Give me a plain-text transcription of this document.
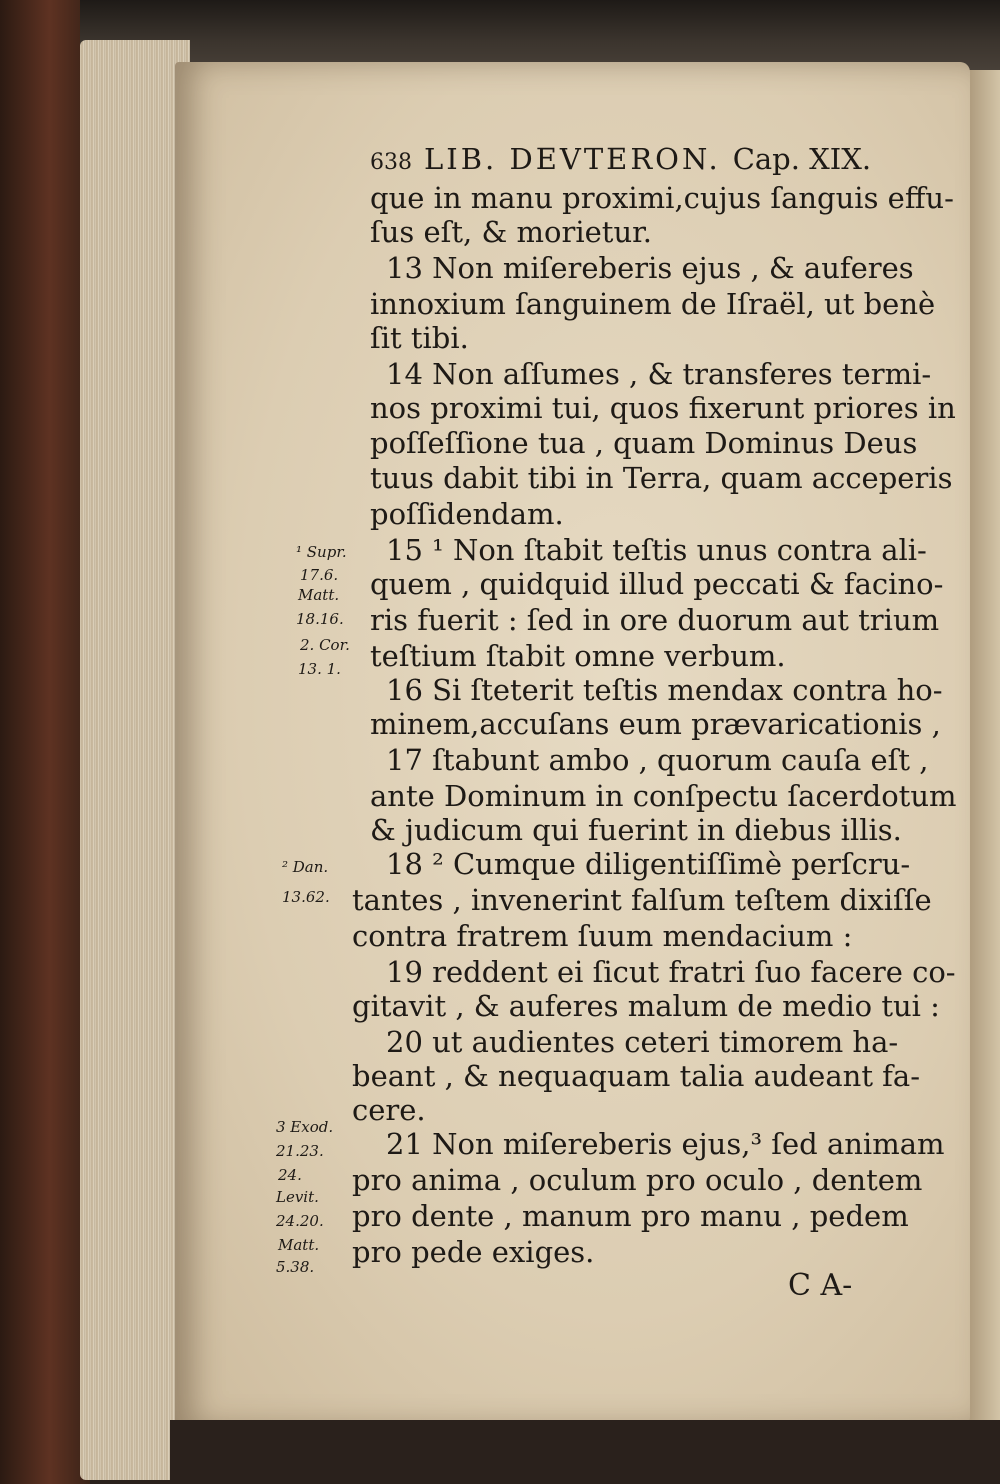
638 LIB. DEVTERON. Cap. XIX.
que in manu proximi,cujus ſanguis effu-
ſus eſt, & morietur.
13 Non miſereberis ejus , & auferes
innoxium ſanguinem de Iſraël, ut benè
ſit tibi.
14 Non aſſumes , & transferes termi-
nos proximi tui, quos fixerunt priores in
poſſeſſione tua , quam Dominus Deus
tuus dabit tibi in Terra, quam acceperis
poſſidendam.
15 ¹ Non ſtabit teſtis unus contra ali-
quem , quidquid illud peccati & facino-
ris fuerit : ſed in ore duorum aut trium
teſtium ſtabit omne verbum.
16 Si ſteterit teſtis mendax contra ho-
minem,accuſans eum prævaricationis ,
17 ſtabunt ambo , quorum cauſa eſt ,
ante Dominum in conſpectu ſacerdotum
& judicum qui fuerint in diebus illis.
18 ² Cumque diligentiſſimè perſcru-
tantes , invenerint falſum teſtem dixiſſe
contra fratrem ſuum mendacium :
19 reddent ei ſicut fratri ſuo facere co-
gitavit , & auferes malum de medio tui :
20 ut audientes ceteri timorem ha-
beant , & nequaquam talia audeant fa-
cere.
21 Non miſereberis ejus,³ ſed animam
pro anima , oculum pro oculo , dentem
pro dente , manum pro manu , pedem
pro pede exiges.
¹ Supr.
17.6.
Matt.
18.16.
2. Cor.
13. 1.
² Dan.
13.62.
3 Exod.
21.23.
24.
Levit.
24.20.
Matt.
5.38.
C A-
